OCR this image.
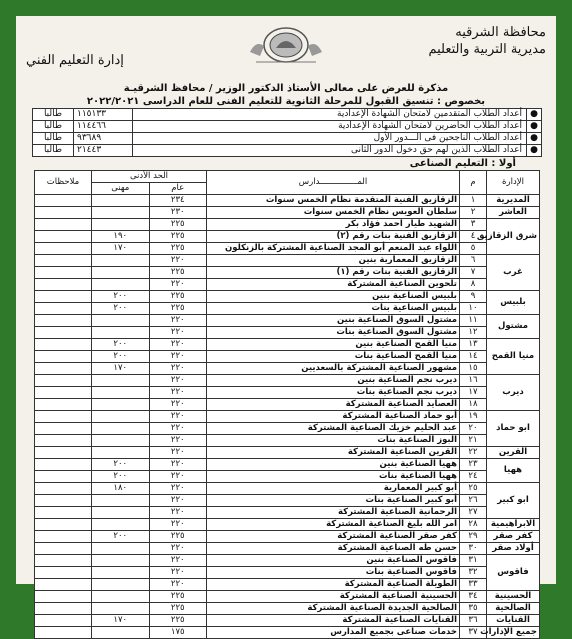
محافظة الشرقيه
مديرية التربية والتعليم
إدارة التعليم الفني
مذكرة للعرض على معالى الأستاذ الدكتور الوزير / محافظ الشرقيـة
بخصوص : تنسيق القبول للمرحلة الثانوية للتعليم الفنى للعام الدراسى ٢٠٢٢/٢٠٢١
●
أعداد الطلاب المتقدمين لامتحان الشهادة الإعدادية
١١٥١٣٣
طالبا
●
أعداد الطلاب الحاضرين لامتحان الشهادة الإعدادية
١١٤٤٦٦
طالبا
●
أعداد الطلاب الناجحين فى الـــدور الأول
٩٣٦٨٩
طالبا
●
أعداد الطلاب الذين لهم حق دخول الدور الثانى
٢١٤٤٣
طالبا
أولا : التعليم الصناعى
الإدارة	م	المـــــــــــــــدارس	الحد الأدنى		ملاحظات
			عام	مهنى	
المديرية	١	الزقازيق الفنية المتقدمة نظام الخمس سنوات	٢٣٤		
العاشر	٢	سلطان العويس نظام الخمس سنوات	٢٣٠		
شرق الزقازيق	٣	الشهيد طيار احمد فؤاد بكر	٢٢٥		
	٤	الزقازيق الفنية بنات رقم (٢)	٢٢٥	١٩٠	
	٥	اللواء عبد المنعم أبو المجد الصناعية المشتركة بالزنكلون	٢٢٥	١٧٠	
غرب	٦	الزقازيق المعمارية بنين	٢٢٠		
	٧	الزقازيق الفنية بنات رقم (١)	٢٢٥		
	٨	تلحوين الصناعية المشتركة	٢٢٠		
بلبيس	٩	بلبيس الصناعية بنين	٢٢٥	٢٠٠	
	١٠	بلبيس الصناعية بنات	٢٢٥	٢٠٠	
مشتول	١١	مشتول السوق الصناعية بنين	٢٢٠		
	١٢	مشتول السوق الصناعية بنات	٢٢٠		
منيا القمح	١٣	منيا القمح الصناعية بنين	٢٢٠	٢٠٠	
	١٤	منيا القمح الصناعية بنات	٢٢٠	٢٠٠	
	١٥	مشهور الصناعية المشتركة بالسعديين	٢٢٠	١٧٠	
ديرب	١٦	ديرب نجم الصناعية بنين	٢٢٠		
	١٧	ديرب نجم الصناعية بنات	٢٢٠		
	١٨	العصايد الصناعية المشتركة	٢٢٠		
ابو حماد	١٩	أبو حماد الصناعية المشتركة	٢٢٠		
	٢٠	عبد الحليم خزيك الصناعية المشتركة	٢٢٠		
	٢١	البوز الصناعية بنات	٢٢٠		
القرين	٢٢	القرين الصناعية المشتركة	٢٢٠		
ههيا	٢٣	ههيا الصناعية بنين	٢٢٠	٢٠٠	
	٢٤	ههيا الصناعية بنات	٢٢٠	٢٠٠	
ابو كبير	٢٥	أبو كبير المعمارية	٢٢٠	١٨٠	
	٢٦	أبو كبير الصناعية بنات	٢٢٠		
	٢٧	الرحمانية الصناعية المشتركة	٢٢٠		
الابراهيمية	٢٨	امر الله بليغ الصناعية المشتركة	٢٢٠		
كفر صقر	٢٩	كفر صقر الصناعية المشتركة	٢٢٥	٢٠٠	
أولاد صقر	٣٠	حسن طه الصناعية المشتركة	٢٢٠		
فاقوس	٣١	فاقوس الصناعية بنين	٢٢٠		
	٣٢	فاقوس الصناعية بنات	٢٢٠		
	٣٣	الطويلة الصناعية المشتركة	٢٢٠		
الحسينية	٣٤	الحسينية الصناعية المشتركة	٢٢٥		
الصالحية	٣٥	الصالحية الجديدة الصناعية المشتركة	٢٢٥		
القنايات	٣٦	القنايات الصناعية المشتركة	٢٢٥	١٧٠	
جميع الإدارات	٣٧	خدمات صناعى بجميع المدارس	١٧٥		
